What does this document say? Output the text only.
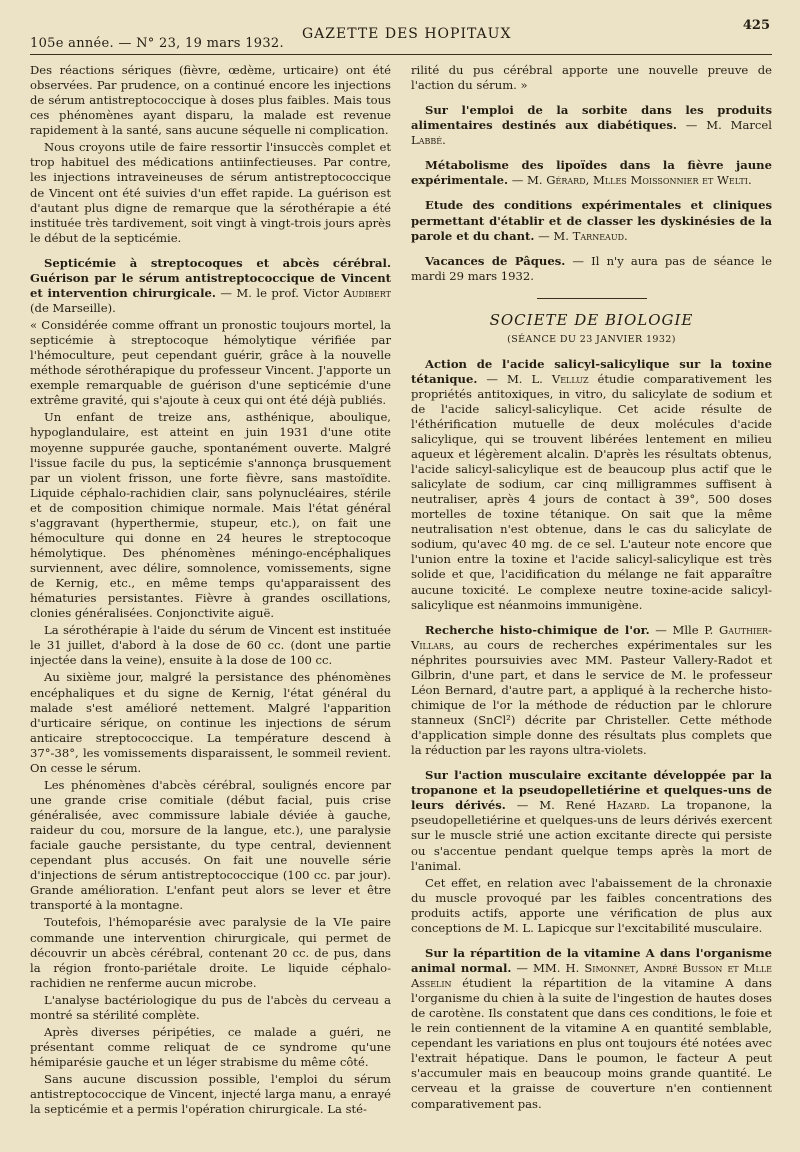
105e année. — N° 23, 19 mars 1932.
GAZETTE DES HOPITAUX
425

Des réactions sériques (fièvre, œdème, urticaire) ont été observées. Par prudence, on a continué encore les injections de sérum antistreptococcique à doses plus faibles. Mais tous ces phénomènes ayant disparu, la malade est revenue rapidement à la santé, sans aucune séquelle ni complication.

Nous croyons utile de faire ressortir l'insuccès complet et trop habituel des médications antiinfectieuses. Par contre, les injections intraveineuses de sérum antistreptococcique de Vincent ont été suivies d'un effet rapide. La guérison est d'autant plus digne de remarque que la sérothérapie a été instituée très tardivement, soit vingt à vingt-trois jours après le début de la septicémie.

Septicémie à streptocoques et abcès cérébral. Guérison par le sérum antistreptococcique de Vincent et intervention chirurgicale. — M. le prof. Victor Audibert (de Marseille).

« Considérée comme offrant un pronostic toujours mortel, la septicémie à streptocoque hémolytique vérifiée par l'hémoculture, peut cependant guérir, grâce à la nouvelle méthode sérothérapique du professeur Vincent. J'apporte un exemple remarquable de guérison d'une septicémie d'une extrême gravité, qui s'ajoute à ceux qui ont été déjà publiés.

Un enfant de treize ans, asthénique, aboulique, hypoglandulaire, est atteint en juin 1931 d'une otite moyenne suppurée gauche, spontanément ouverte. Malgré l'issue facile du pus, la septicémie s'annonça brusquement par un violent frisson, une forte fièvre, sans mastoïdite. Liquide céphalo-rachidien clair, sans polynucléaires, stérile et de composition chimique normale. Mais l'état général s'aggravant (hyperthermie, stupeur, etc.), on fait une hémoculture qui donne en 24 heures le streptocoque hémolytique. Des phénomènes méningo-encéphaliques surviennent, avec délire, somnolence, vomissements, signe de Kernig, etc., en même temps qu'apparaissent des hématuries persistantes. Fièvre à grandes oscillations, clonies généralisées. Conjonctivite aiguë.

La sérothérapie à l'aide du sérum de Vincent est instituée le 31 juillet, d'abord à la dose de 60 cc. (dont une partie injectée dans la veine), ensuite à la dose de 100 cc.

Au sixième jour, malgré la persistance des phénomènes encéphaliques et du signe de Kernig, l'état général du malade s'est amélioré nettement. Malgré l'apparition d'urticaire sérique, on continue les injections de sérum anticaire streptococcique. La température descend à 37°-38°, les vomissements disparaissent, le sommeil revient. On cesse le sérum.

Les phénomènes d'abcès cérébral, soulignés encore par une grande crise comitiale (début facial, puis crise généralisée, avec commissure labiale déviée à gauche, raideur du cou, morsure de la langue, etc.), une paralysie faciale gauche persistante, du type central, deviennent cependant plus accusés. On fait une nouvelle série d'injections de sérum antistreptococcique (100 cc. par jour). Grande amélioration. L'enfant peut alors se lever et être transporté à la montagne.

Toutefois, l'hémoparésie avec paralysie de la VIe paire commande une intervention chirurgicale, qui permet de découvrir un abcès cérébral, contenant 20 cc. de pus, dans la région fronto-pariétale droite. Le liquide céphalo-rachidien ne renferme aucun microbe.

L'analyse bactériologique du pus de l'abcès du cerveau a montré sa stérilité complète.

Après diverses péripéties, ce malade a guéri, ne présentant comme reliquat de ce syndrome qu'une hémiparésie gauche et un léger strabisme du même côté.

Sans aucune discussion possible, l'emploi du sérum antistreptococcique de Vincent, injecté larga manu, a enrayé la septicémie et a permis l'opération chirurgicale. La sté-

rilité du pus cérébral apporte une nouvelle preuve de l'action du sérum. »

Sur l'emploi de la sorbite dans les produits alimentaires destinés aux diabétiques. — M. Marcel Labbé.

Métabolisme des lipoïdes dans la fièvre jaune expérimentale. — M. Gérard, Mlles Moissonnier et Welti.

Etude des conditions expérimentales et cliniques permettant d'établir et de classer les dyskinésies de la parole et du chant. — M. Tarneaud.

Vacances de Pâques. — Il n'y aura pas de séance le mardi 29 mars 1932.

SOCIETE DE BIOLOGIE
(SÉANCE DU 23 JANVIER 1932)

Action de l'acide salicyl-salicylique sur la toxine tétanique. — M. L. Velluz étudie comparativement les propriétés antitoxiques, in vitro, du salicylate de sodium et de l'acide salicyl-salicylique. Cet acide résulte de l'éthérification mutuelle de deux molécules d'acide salicylique, qui se trouvent libérées lentement en milieu aqueux et légèrement alcalin. D'après les résultats obtenus, l'acide salicyl-salicylique est de beaucoup plus actif que le salicylate de sodium, car cinq milligrammes suffisent à neutraliser, après 4 jours de contact à 39°, 500 doses mortelles de toxine tétanique. On sait que la même neutralisation n'est obtenue, dans le cas du salicylate de sodium, qu'avec 40 mg. de ce sel. L'auteur note encore que l'union entre la toxine et l'acide salicyl-salicylique est très solide et que, l'acidification du mélange ne fait apparaître aucune toxicité. Le complexe neutre toxine-acide salicyl-salicylique est néanmoins immunigène.

Recherche histo-chimique de l'or. — Mlle P. Gauthier-Villars, au cours de recherches expérimentales sur les néphrites poursuivies avec MM. Pasteur Vallery-Radot et Gilbrin, d'une part, et dans le service de M. le professeur Léon Bernard, d'autre part, a appliqué à la recherche histo-chimique de l'or la méthode de réduction par le chlorure stanneux (SnCl²) décrite par Christeller. Cette méthode d'application simple donne des résultats plus complets que la réduction par les rayons ultra-violets.

Sur l'action musculaire excitante développée par la tropanone et la pseudopelletiérine et quelques-uns de leurs dérivés. — M. René Hazard. La tropanone, la pseudopelletiérine et quelques-uns de leurs dérivés exercent sur le muscle strié une action excitante directe qui persiste ou s'accentue pendant quelque temps après la mort de l'animal.

Cet effet, en relation avec l'abaissement de la chronaxie du muscle provoqué par les faibles concentrations des produits actifs, apporte une vérification de plus aux conceptions de M. L. Lapicque sur l'excitabilité musculaire.

Sur la répartition de la vitamine A dans l'organisme animal normal. — MM. H. Simonnet, André Busson et Mlle Asselin étudient la répartition de la vitamine A dans l'organisme du chien à la suite de l'ingestion de hautes doses de carotène. Ils constatent que dans ces conditions, le foie et le rein contiennent de la vitamine A en quantité semblable, cependant les variations en plus ont toujours été notées avec l'extrait hépatique. Dans le poumon, le facteur A peut s'accumuler mais en beaucoup moins grande quantité. Le cerveau et la graisse de couverture n'en contiennent comparativement pas.
